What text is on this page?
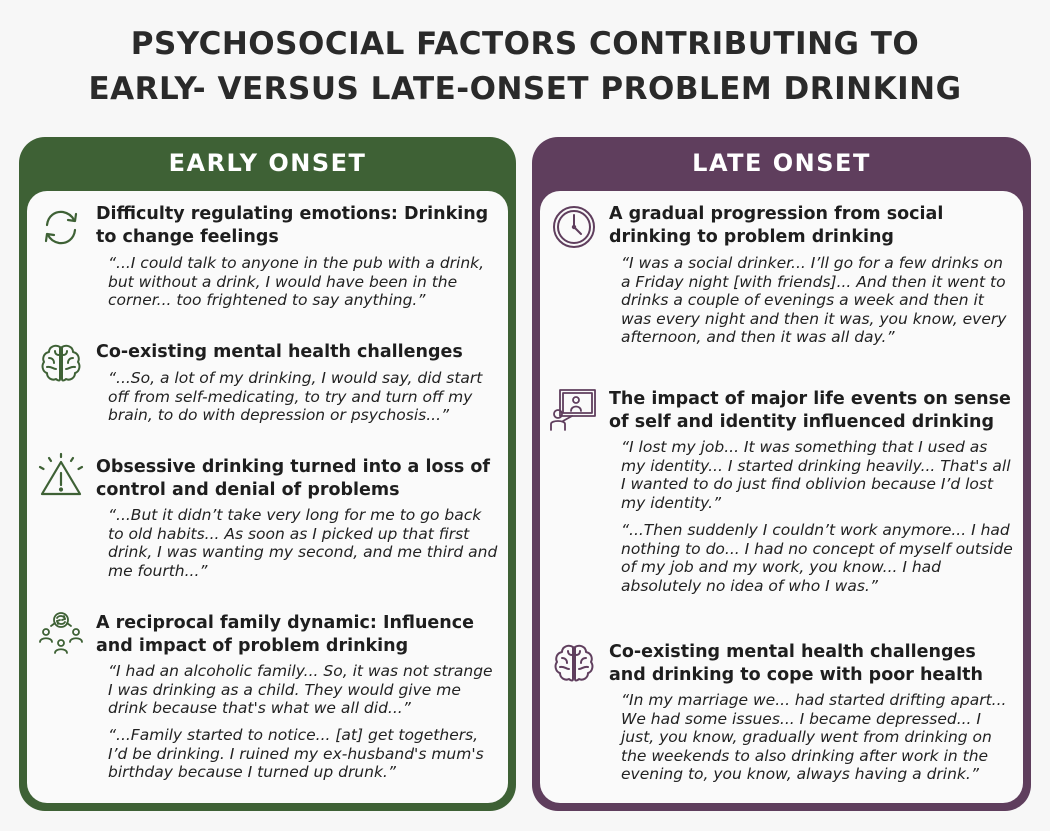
PSYCHOSOCIAL FACTORS CONTRIBUTING TO
EARLY- VERSUS LATE-ONSET PROBLEM DRINKING
EARLY ONSET
Difficulty regulating emotions: Drinking to change feelings
“...I could talk to anyone in the pub with a drink, but without a drink, I would have been in the corner... too frightened to say anything.”
Co-existing mental health challenges
“...So, a lot of my drinking, I would say, did start off from self-medicating, to try and turn off my brain, to do with depression or psychosis...”
Obsessive drinking turned into a loss of control and denial of problems
“...But it didn’t take very long for me to go back to old habits... As soon as I picked up that first drink, I was wanting my second, and me third and me fourth...”
A reciprocal family dynamic: Influence and impact of problem drinking
“I had an alcoholic family... So, it was not strange I was drinking as a child. They would give me drink because that's what we all did...”
“...Family started to notice... [at] get togethers, I’d be drinking. I ruined my ex-husband's mum's birthday because I turned up drunk.”
LATE ONSET
A gradual progression from social drinking to problem drinking
“I was a social drinker... I’ll go for a few drinks on a Friday night [with friends]... And then it went to drinks a couple of evenings a week and then it was every night and then it was, you know, every afternoon, and then it was all day.”
The impact of major life events on sense of self and identity influenced drinking
“I lost my job... It was something that I used as my identity... I started drinking heavily... That's all I wanted to do just find oblivion because I’d lost my identity.”
“...Then suddenly I couldn’t work anymore... I had nothing to do... I had no concept of myself outside of my job and my work, you know... I had absolutely no idea of who I was.”
Co-existing mental health challenges and drinking to cope with poor health
“In my marriage we... had started drifting apart... We had some issues... I became depressed... I just, you know, gradually went from drinking on the weekends to also drinking after work in the evening to, you know, always having a drink.”
